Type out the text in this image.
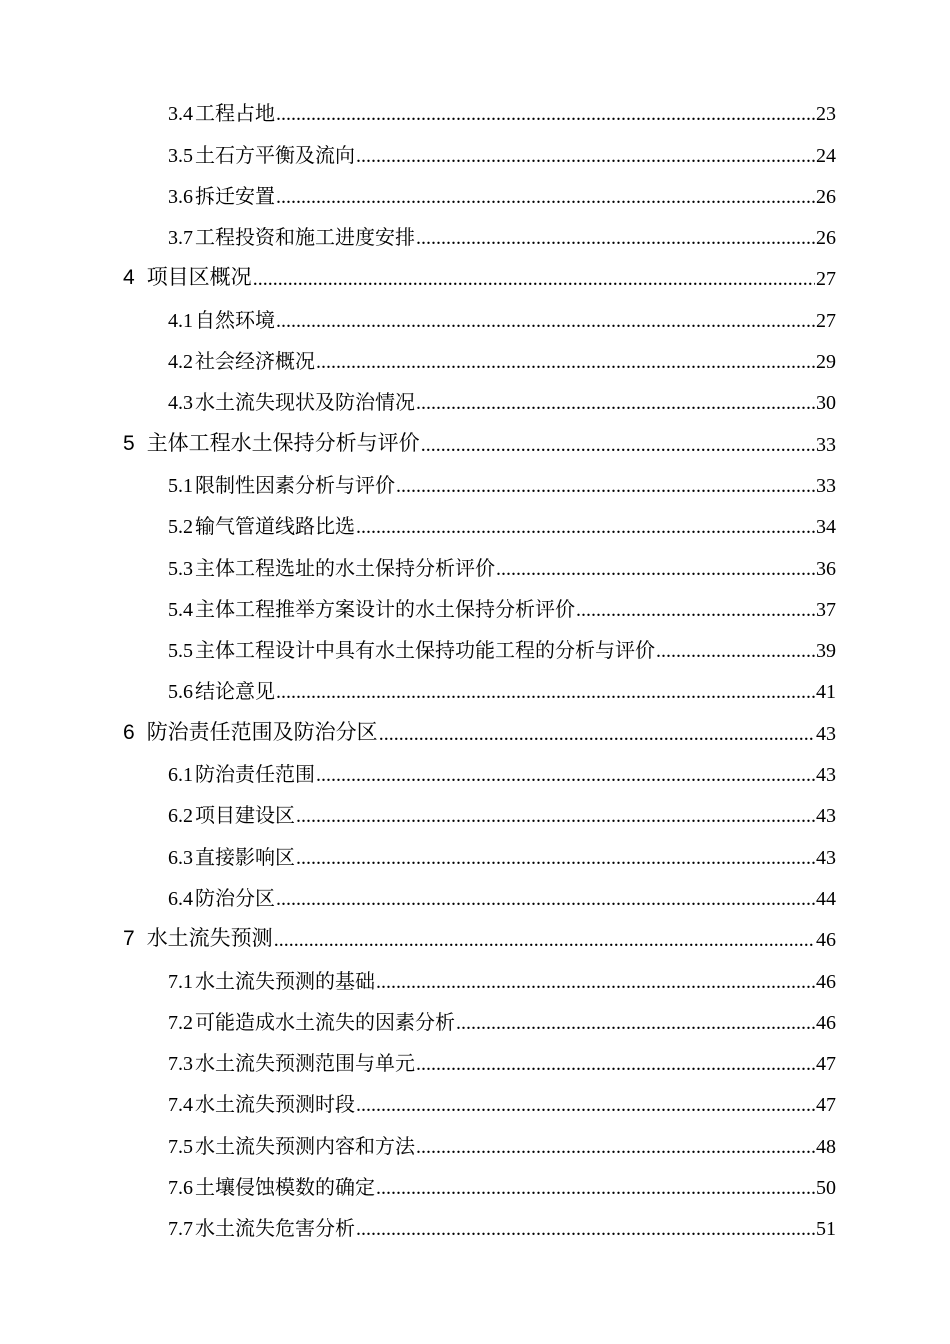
3.4 工程占地 .....	23
3.5 土石方平衡及流向 .....	24
3.6 拆迁安置 .....	26
3.7 工程投资和施工进度安排 .....	26
4 项目区概况 .....	27
4.1 自然环境 .....	27
4.2 社会经济概况 .....	29
4.3 水土流失现状及防治情况 .....	30
5 主体工程水土保持分析与评价 .....	33
5.1 限制性因素分析与评价 .....	33
5.2 输气管道线路比选 .....	34
5.3 主体工程选址的水土保持分析评价 .....	36
5.4 主体工程推举方案设计的水土保持分析评价 .....	37
5.5 主体工程设计中具有水土保持功能工程的分析与评价 .....	39
5.6 结论意见 .....	41
6 防治责任范围及防治分区 .....	43
6.1 防治责任范围 .....	43
6.2 项目建设区 .....	43
6.3 直接影响区 .....	43
6.4 防治分区 .....	44
7 水土流失预测 .....	46
7.1 水土流失预测的基础 .....	46
7.2 可能造成水土流失的因素分析 .....	46
7.3 水土流失预测范围与单元 .....	47
7.4 水土流失预测时段 .....	47
7.5 水土流失预测内容和方法 .....	48
7.6 土壤侵蚀模数的确定 .....	50
7.7 水土流失危害分析 .....	51
